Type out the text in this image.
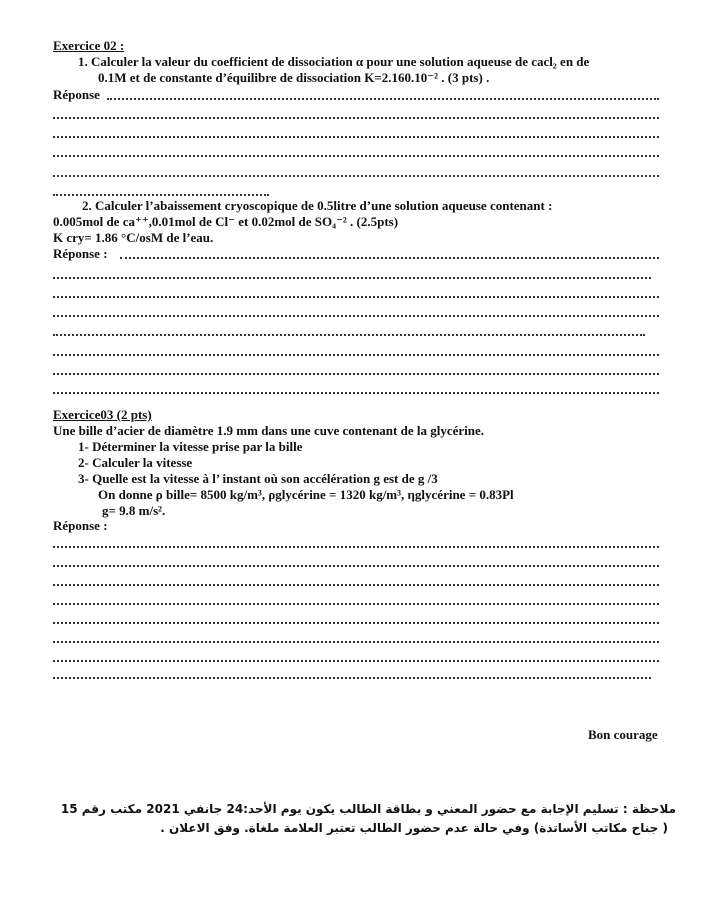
Exercice 02 :
1. Calculer la valeur du coefficient de dissociation α pour une solution aqueuse de cacl₂ en de
0.1M et de constante d’équilibre de dissociation K=2.160.10⁻² . (3 pts) .
Réponse
2. Calculer l’abaissement cryoscopique de 0.5litre d’une solution aqueuse contenant :
0.005mol de ca⁺⁺,0.01mol de Cl⁻ et 0.02mol de SO₄⁻² . (2.5pts)
K cry= 1.86 °C/osM de l’eau.
Réponse :
Exercice03 (2 pts)
Une bille d’acier de diamètre 1.9 mm dans une cuve contenant de la glycérine.
1- Déterminer la vitesse prise par la bille
2- Calculer la vitesse
3- Quelle est la vitesse à l’ instant où son accélération g est de g /3
On donne ρ bille= 8500 kg/m³, ρglycérine = 1320 kg/m³, ηglycérine = 0.83Pl
g= 9.8 m/s².
Réponse :
Bon courage
ملاحظة : تسليم الإجابة مع حضور المعني و بطاقة الطالب يكون يوم الأحد:24 جانفي 2021 مكتب رقم 15
( جناح مكاتب الأساتذة) وفي حالة عدم حضور الطالب تعتبر العلامة ملغاة. وفق الاعلان .
